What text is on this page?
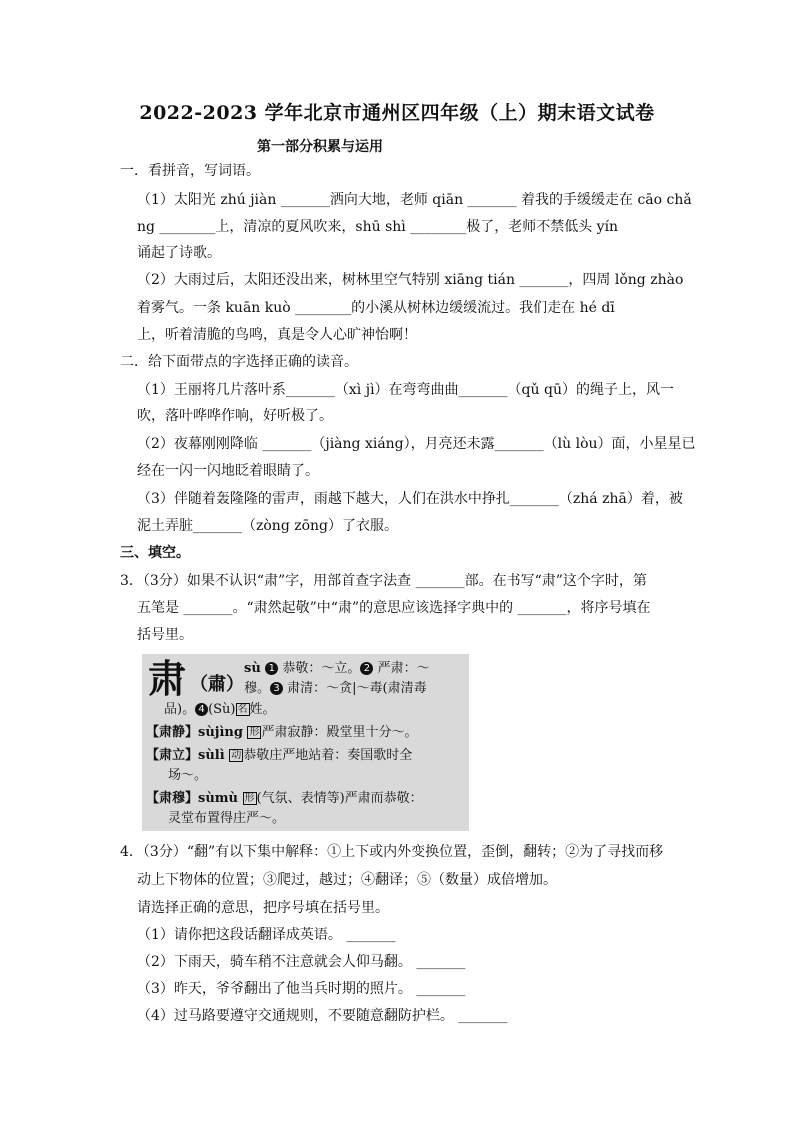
2022-2023 学年北京市通州区四年级（上）期末语文试卷
第一部分积累与运用
一．看拼音，写词语。
（1）太阳光 zhú jiàn _______洒向大地，老师 qiān _______ 着我的手缓缓走在 cāo chǎ
ng ________上，清凉的夏风吹来，shū shì ________极了，老师不禁低头 yín
诵起了诗歌。
（2）大雨过后，太阳还没出来，树林里空气特别 xiāng tián _______，四周 lǒng zhào
着雾气。一条 kuān kuò ________的小溪从树林边缓缓流过。我们走在 hé dī
上，听着清脆的鸟鸣，真是令人心旷神怡啊！
二．给下面带点的字选择正确的读音。
（1）王丽将几片落叶系_______（xì jì）在弯弯曲曲_______（qǔ qū）的绳子上，风一
吹，落叶哗哗作响，好听极了。
（2）夜幕刚刚降临 _______（jiàng xiáng），月亮还未露_______（lù lòu）面，小星星已
经在一闪一闪地眨着眼睛了。
（3）伴随着轰隆隆的雷声，雨越下越大，人们在洪水中挣扎_______（zhá zhā）着，被
泥土弄脏_______（zòng zōng）了衣服。
三、填空。
3．（3分）如果不认识“肃”字，用部首查字法查 _______部。在书写“肃”这个字时，第
五笔是 _______。“肃然起敬”中“肃”的意思应该选择字典中的 _______，将序号填在
括号里。
肃 （肅）
sù 1 恭敬：～立。 2 严肃：～
穆。 3 肃清：～贪|～毒(肃清毒
品)。 4 (Sù) 名 姓。
【肃静】sùjìng 形 严肃寂静：殿堂里十分～。
【肃立】sùlì 动 恭敬庄严地站着：奏国歌时全
场～。
【肃穆】sùmù 形 (气氛、表情等)严肃而恭敬：
灵堂布置得庄严～。
4．（3分）“翻”有以下集中解释：①上下或内外变换位置，歪倒，翻转；②为了寻找而移
动上下物体的位置；③爬过，越过；④翻译；⑤（数量）成倍增加。
请选择正确的意思，把序号填在括号里。
（1）请你把这段话翻译成英语。 _______
（2）下雨天，骑车稍不注意就会人仰马翻。 _______
（3）昨天，爷爷翻出了他当兵时期的照片。 _______
（4）过马路要遵守交通规则，不要随意翻防护栏。 _______
